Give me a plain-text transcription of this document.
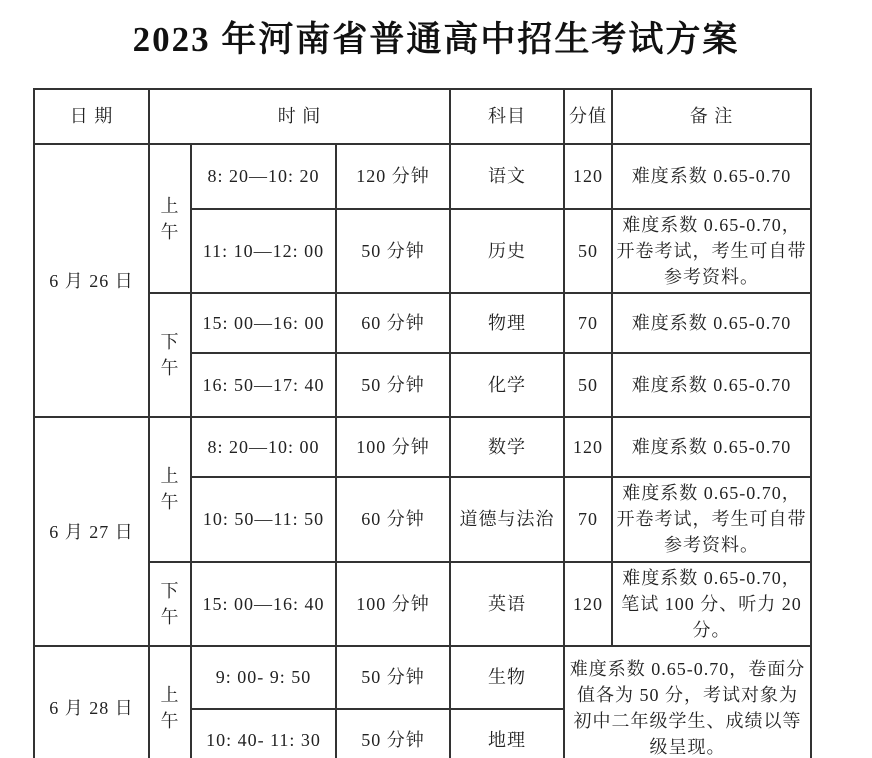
2023 年河南省普通高中招生考试方案
日 期	时 间			科目	分值	备 注
6 月 26 日	上午	8: 20—10: 20	120 分钟	语文	120	难度系数 0.65-0.70
		11: 10—12: 00	50 分钟	历史	50	难度系数 0.65-0.70，开卷考试，考生可自带参考资料。
	下午	15: 00—16: 00	60 分钟	物理	70	难度系数 0.65-0.70
		16: 50—17: 40	50 分钟	化学	50	难度系数 0.65-0.70
6 月 27 日	上午	8: 20—10: 00	100 分钟	数学	120	难度系数 0.65-0.70
		10: 50—11: 50	60 分钟	道德与法治	70	难度系数 0.65-0.70，开卷考试，考生可自带参考资料。
	下午	15: 00—16: 40	100 分钟	英语	120	难度系数 0.65-0.70，笔试 100 分、听力 20 分。
6 月 28 日	上午	9: 00- 9: 50	50 分钟	生物	难度系数 0.65-0.70，卷面分值各为 50 分，考试对象为初中二年级学生、成绩以等级呈现。	
		10: 40- 11: 30	50 分钟	地理		
